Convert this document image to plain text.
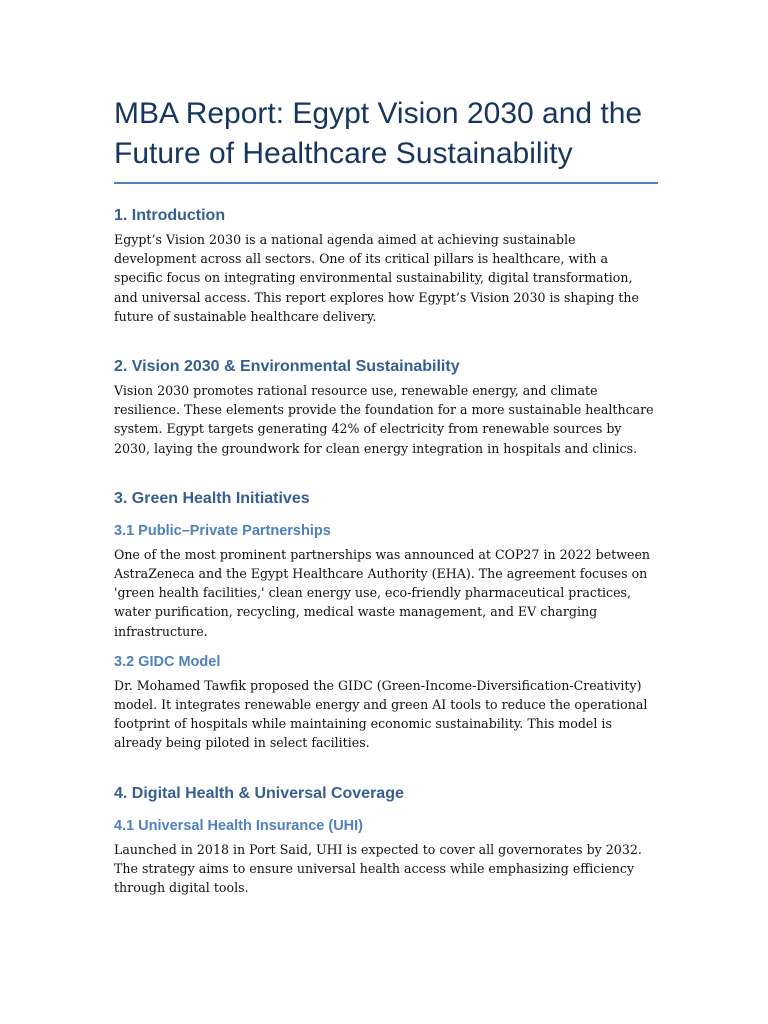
MBA Report: Egypt Vision 2030 and the Future of Healthcare Sustainability
1. Introduction

Egypt’s Vision 2030 is a national agenda aimed at achieving sustainable development across all sectors. One of its critical pillars is healthcare, with a specific focus on integrating environmental sustainability, digital transformation, and universal access. This report explores how Egypt’s Vision 2030 is shaping the future of sustainable healthcare delivery.

2. Vision 2030 & Environmental Sustainability

Vision 2030 promotes rational resource use, renewable energy, and climate resilience. These elements provide the foundation for a more sustainable healthcare system. Egypt targets generating 42% of electricity from renewable sources by 2030, laying the groundwork for clean energy integration in hospitals and clinics.

3. Green Health Initiatives
3.1 Public–Private Partnerships

One of the most prominent partnerships was announced at COP27 in 2022 between AstraZeneca and the Egypt Healthcare Authority (EHA). The agreement focuses on 'green health facilities,' clean energy use, eco-friendly pharmaceutical practices, water purification, recycling, medical waste management, and EV charging infrastructure.

3.2 GIDC Model

Dr. Mohamed Tawfik proposed the GIDC (Green-Income-Diversification-Creativity) model. It integrates renewable energy and green AI tools to reduce the operational footprint of hospitals while maintaining economic sustainability. This model is already being piloted in select facilities.

4. Digital Health & Universal Coverage
4.1 Universal Health Insurance (UHI)

Launched in 2018 in Port Said, UHI is expected to cover all governorates by 2032. The strategy aims to ensure universal health access while emphasizing efficiency through digital tools.
